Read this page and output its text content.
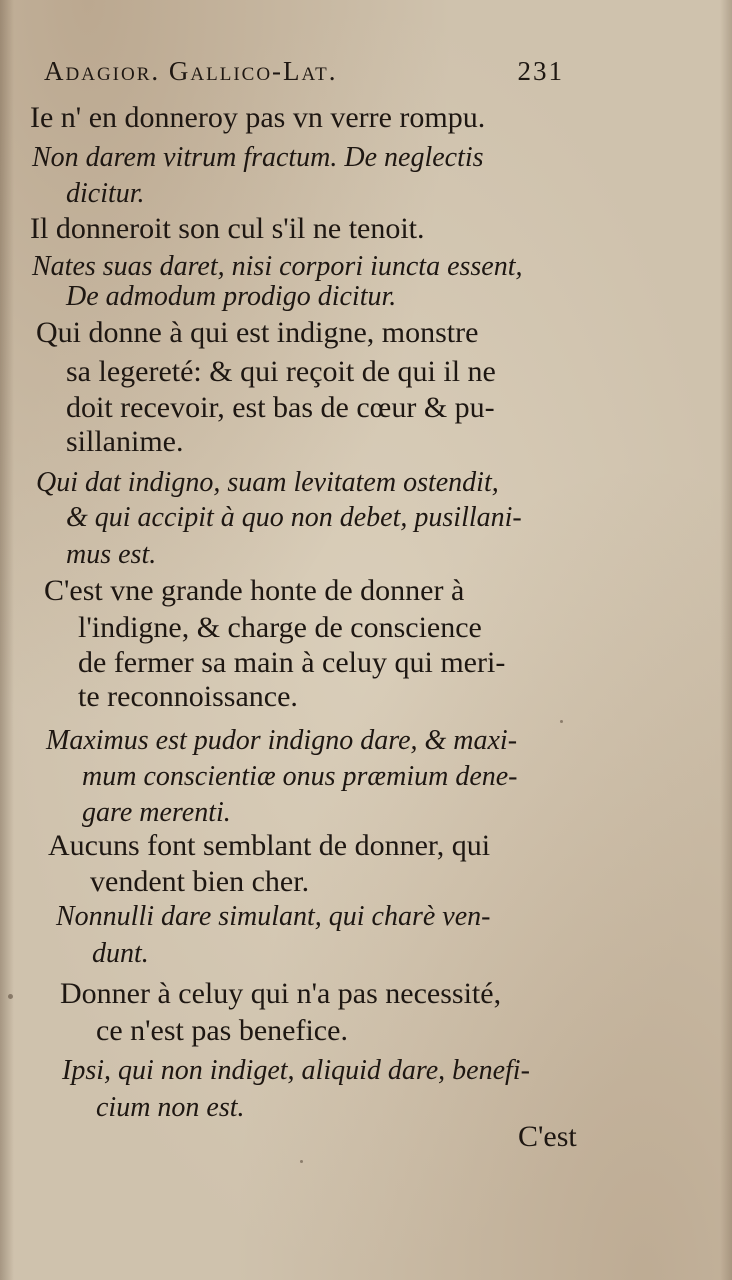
Adagior. Gallico-Lat.	231
Ie n' en donneroy pas vn verre rompu.
Non darem vitrum fractum. De neglectis
dicitur.
Il donneroit son cul s'il ne tenoit.
Nates suas daret, nisi corpori iuncta essent,
De admodum prodigo dicitur.
Qui donne à qui est indigne, monstre
sa legereté: & qui reçoit de qui il ne
doit recevoir, est bas de cœur & pu-
sillanime.
Qui dat indigno, suam levitatem ostendit,
& qui accipit à quo non debet, pusillani-
mus est.
C'est vne grande honte de donner à
l'indigne, & charge de conscience
de fermer sa main à celuy qui meri-
te reconnoissance.
Maximus est pudor indigno dare, & maxi-
mum conscientiæ onus præmium dene-
gare merenti.
Aucuns font semblant de donner, qui
vendent bien cher.
Nonnulli dare simulant, qui charè ven-
dunt.
Donner à celuy qui n'a pas necessité,
ce n'est pas benefice.
Ipsi, qui non indiget, aliquid dare, benefi-
cium non est.
C'est
